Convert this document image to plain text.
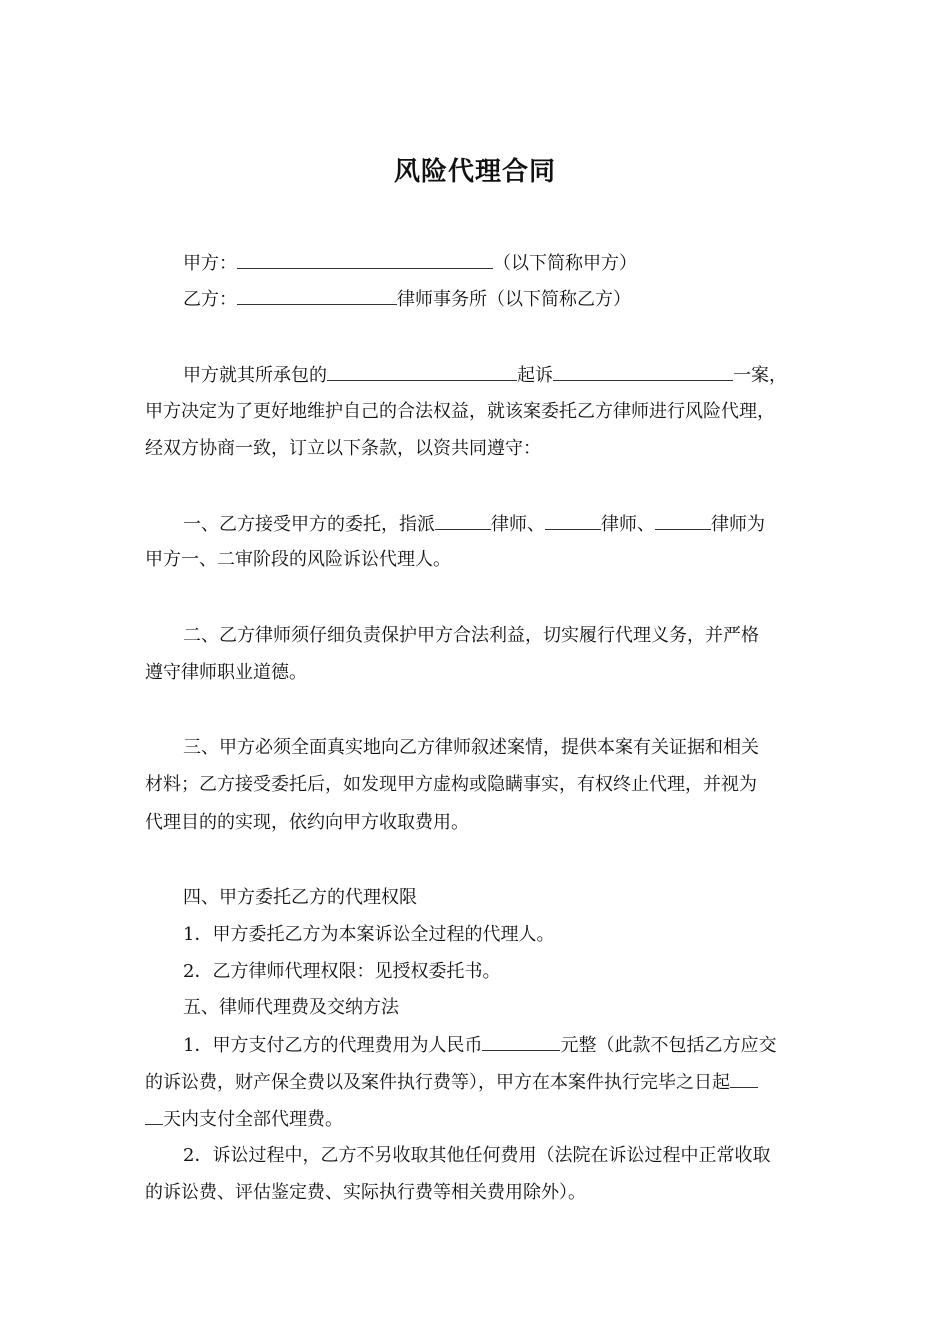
风险代理合同
甲方：	（以下简称甲方）
乙方：	律师事务所（以下简称乙方）
甲方就其所承包的	起诉	一案，
甲方决定为了更好地维护自己的合法权益，就该案委托乙方律师进行风险代理，
经双方协商一致，订立以下条款，以资共同遵守：
一、乙方接受甲方的委托，指派	律师、	律师、	律师为
甲方一、二审阶段的风险诉讼代理人。
二、乙方律师须仔细负责保护甲方合法利益，切实履行代理义务，并严格
遵守律师职业道德。
三、甲方必须全面真实地向乙方律师叙述案情，提供本案有关证据和相关
材料；乙方接受委托后，如发现甲方虚构或隐瞒事实，有权终止代理，并视为
代理目的的实现，依约向甲方收取费用。
四、甲方委托乙方的代理权限
1．甲方委托乙方为本案诉讼全过程的代理人。
2．乙方律师代理权限：见授权委托书。
五、律师代理费及交纳方法
1．甲方支付乙方的代理费用为人民币	元整（此款不包括乙方应交
的诉讼费，财产保全费以及案件执行费等），甲方在本案件执行完毕之日起
天内支付全部代理费。
2．诉讼过程中，乙方不另收取其他任何费用（法院在诉讼过程中正常收取
的诉讼费、评估鉴定费、实际执行费等相关费用除外）。
